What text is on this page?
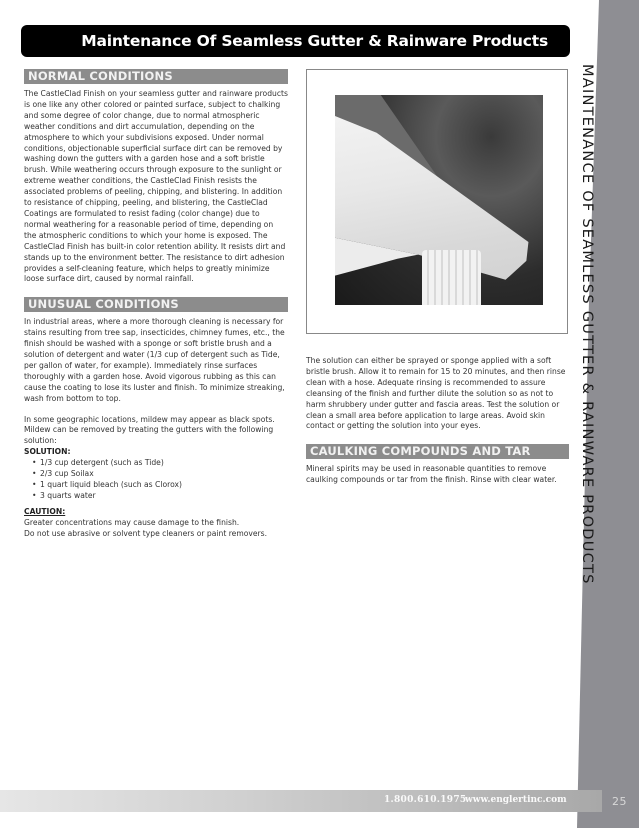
Maintenance Of Seamless Gutter & Rainware Products
NORMAL CONDITIONS

The CastleClad Finish on your seamless gutter and rainware products is one like any other colored or painted surface, subject to chalking and some degree of color change, due to normal atmospheric weather conditions and dirt accumulation, depending on the atmosphere to which your subdivisions exposed. Under normal conditions, objectionable superficial surface dirt can be removed by washing down the gutters with a garden hose and a soft bristle brush. While weathering occurs through exposure to the sunlight or extreme weather conditions, the CastleClad Finish resists the associated problems of peeling, chipping, and blistering. In addition to resistance of chipping, peeling, and blistering, the CastleClad Coatings are formulated to resist fading (color change) due to normal weathering for a reasonable period of time, depending on the atmospheric conditions to which your home is exposed. The CastleClad Finish has built-in color retention ability. It resists dirt and stands up to the environment better. The resistance to dirt adhesion provides a self-cleaning feature, which helps to greatly minimize loose surface dirt, caused by normal rainfall.

UNUSUAL CONDITIONS

In industrial areas, where a more thorough cleaning is necessary for stains resulting from tree sap, insecticides, chimney fumes, etc., the finish should be washed with a sponge or soft bristle brush and a solution of detergent and water (1/3 cup of detergent such as Tide, per gallon of water, for example). Immediately rinse surfaces thoroughly with a garden hose. Avoid vigorous rubbing as this can cause the coating to lose its luster and finish. To minimize streaking, wash from bottom to top.

In some geographic locations, mildew may appear as black spots. Mildew can be removed by treating the gutters with the following solution:

SOLUTION:
• 1/3 cup detergent (such as Tide)
• 2/3 cup Soilax
• 1 quart liquid bleach (such as Clorox)
• 3 quarts water
CAUTION:

Greater concentrations may cause damage to the finish.

Do not use abrasive or solvent type cleaners or paint removers.

The solution can either be sprayed or sponge applied with a soft bristle brush. Allow it to remain for 15 to 20 minutes, and then rinse clean with a hose. Adequate rinsing is recommended to assure cleansing of the finish and further dilute the solution so as not to harm shrubbery under gutter and fascia areas. Test the solution or clean a small area before application to large areas. Avoid skin contact or getting the solution into your eyes.

CAULKING COMPOUNDS AND TAR

Mineral spirits may be used in reasonable quantities to remove caulking compounds or tar from the finish. Rinse with clear water.	MAINTENANCE OF SEAMLESS GUTTER & RAINWARE PRODUCTS
1.800.610.1975
www.englertinc.com	25
